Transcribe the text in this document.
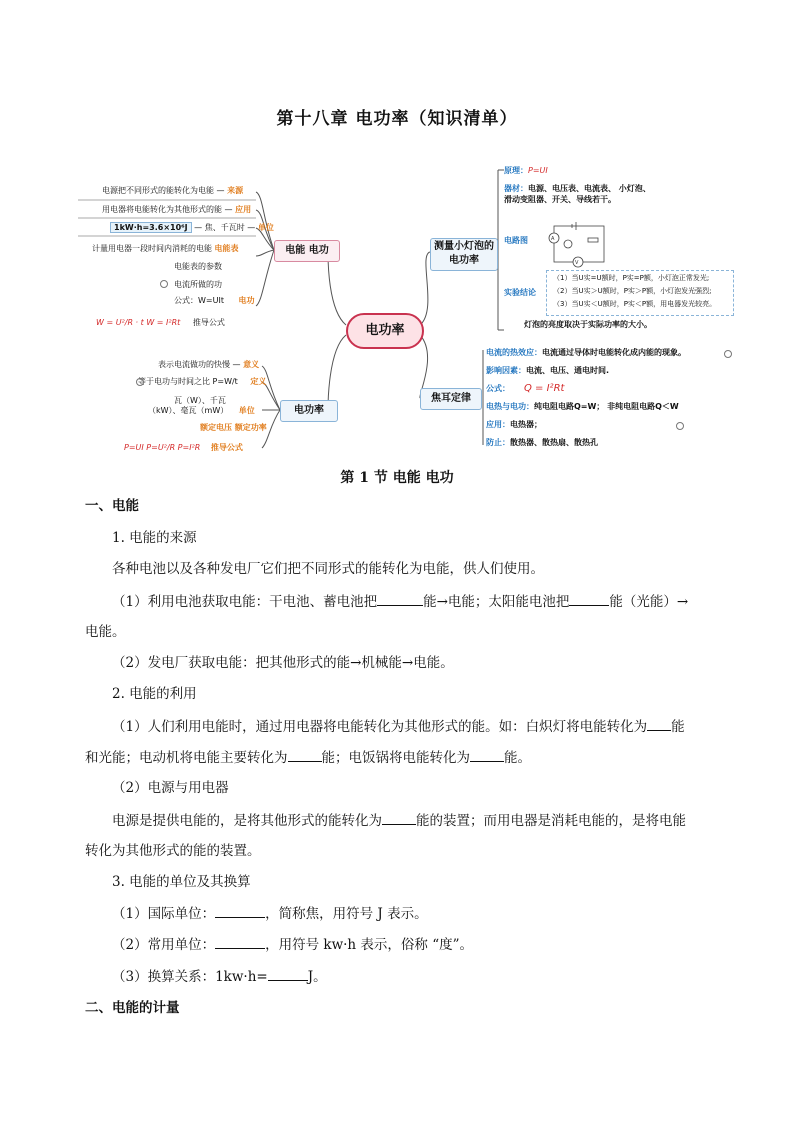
第十八章 电功率（知识清单）
A
V
电功率
电能 电功
电源把不同形式的能转化为电能 — 来源
用电器将电能转化为其他形式的能 — 应用
1kW·h=3.6×10⁶J — 焦、千瓦时 — 单位
计量用电器一段时间内消耗的电能 电能表
电能表的参数
电流所做的功
公式：W=UIt 电功
W = U²/R · t W = I²Rt 推导公式
电功率
表示电流做功的快慢 — 意义
等于电功与时间之比 P=W/t 定义
瓦（W）、千瓦
（kW）、毫瓦（mW） 单位
额定电压 额定功率
P=UI P=U²/R P=I²R 推导公式
测量小灯泡的电功率
原理：P=UI
器材：电源、电压表、电流表、 小灯泡、
滑动变阻器、开关、导线若干。
电路图
实验结论
（1）当U实=U额时，P实=P额，小灯泡正常发光;
（2）当U实＞U额时，P实＞P额，小灯泡发光强烈;
（3）当U实＜U额时，P实＜P额，用电器发光较亮。
灯泡的亮度取决于实际功率的大小。
焦耳定律
电流的热效应：电流通过导体时电能转化成内能的现象。
影响因素：电流、电压、通电时间.
公式： Q = I²Rt
电热与电功：纯电阻电路Q=W； 非纯电阻电路Q＜W
应用：电热器；
防止：散热器、散热扇、散热孔
第 1 节 电能 电功
一、电能
1. 电能的来源
各种电池以及各种发电厂它们把不同形式的能转化为电能，供人们使用。
（1）利用电池获取电能：干电池、蓄电池把	能→电能；太阳能电池把	能（光能）→
电能。
（2）发电厂获取电能：把其他形式的能→机械能→电能。
2. 电能的利用
（1）人们利用电能时，通过用电器将电能转化为其他形式的能。如：白炽灯将电能转化为 能
和光能；电动机将电能主要转化为	能；电饭锅将电能转化为	能。
（2）电源与用电器
电源是提供电能的，是将其他形式的能转化为	能的装置；而用电器是消耗电能的，是将电能
转化为其他形式的能的装置。
3. 电能的单位及其换算
（1）国际单位：	，简称焦，用符号 J 表示。
（2）常用单位：	，用符号 kw·h 表示，俗称 “度”。
（3）换算关系：1kw·h=	J。
二、电能的计量
